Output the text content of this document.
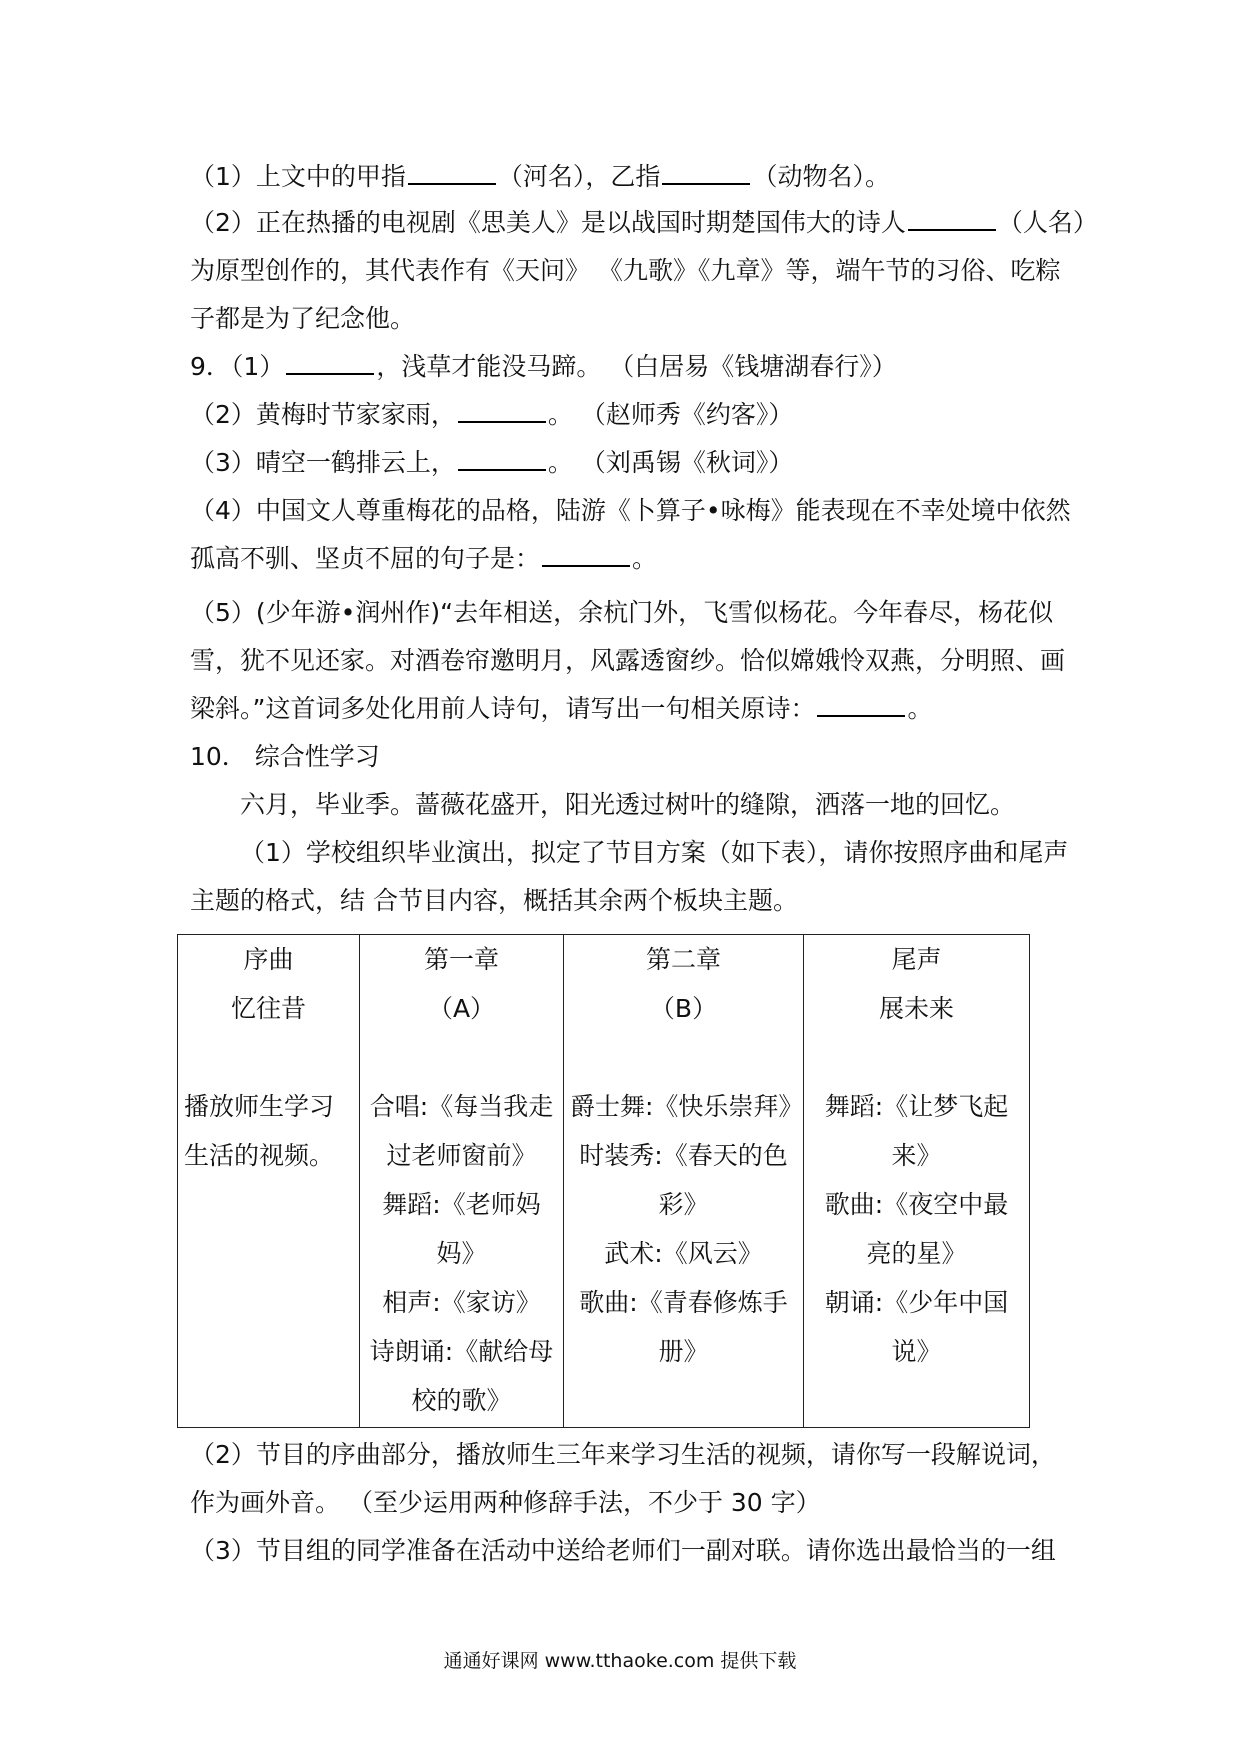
（1）上文中的甲指	（河名），乙指	（动物名）。
（2）正在热播的电视剧《思美人》是以战国时期楚国伟大的诗人	（人名）
为原型创作的，其代表作有《天问》 《九歌》《九章》等，端午节的习俗、吃粽
子都是为了纪念他。
9．（1）	，浅草才能没马蹄。 （白居易《钱塘湖春行》）
（2）黄梅时节家家雨，	。 （赵师秀《约客》）
（3）晴空一鹤排云上，	。 （刘禹锡《秋词》）
（4）中国文人尊重梅花的品格，陆游《卜算子•咏梅》能表现在不幸处境中依然
孤高不驯、坚贞不屈的句子是：	。
（5）(少年游•润州作)“去年相送，余杭门外，飞雪似杨花。今年春尽，杨花似
雪，犹不见还家。对酒卷帘邀明月，风露透窗纱。恰似嫦娥怜双燕，分明照、画
梁斜。”这首词多处化用前人诗句，请写出一句相关原诗：	。
10． 综合性学习
六月，毕业季。蔷薇花盛开，阳光透过树叶的缝隙，洒落一地的回忆。
（1）学校组织毕业演出，拟定了节目方案（如下表），请你按照序曲和尾声
主题的格式，结 合节目内容，概括其余两个板块主题。
序曲
忆往昔
播放师生学习
生活的视频。

第一章
（A）
合唱:《每当我走
过老师窗前》
舞蹈:《老师妈
妈》
相声:《家访》
诗朗诵:《献给母
校的歌》

第二章
（B）
爵士舞:《快乐崇拜》
时装秀:《春天的色
彩》
武术:《风云》
歌曲:《青春修炼手
册》

尾声
展未来
舞蹈:《让梦飞起
来》
歌曲:《夜空中最
亮的星》
朝诵:《少年中国
说》
（2）节目的序曲部分，播放师生三年来学习生活的视频，请你写一段解说词，
作为画外音。 （至少运用两种修辞手法，不少于 30 字）
（3）节目组的同学准备在活动中送给老师们一副对联。请你选出最恰当的一组
通通好课网 www.tthaoke.com 提供下载
